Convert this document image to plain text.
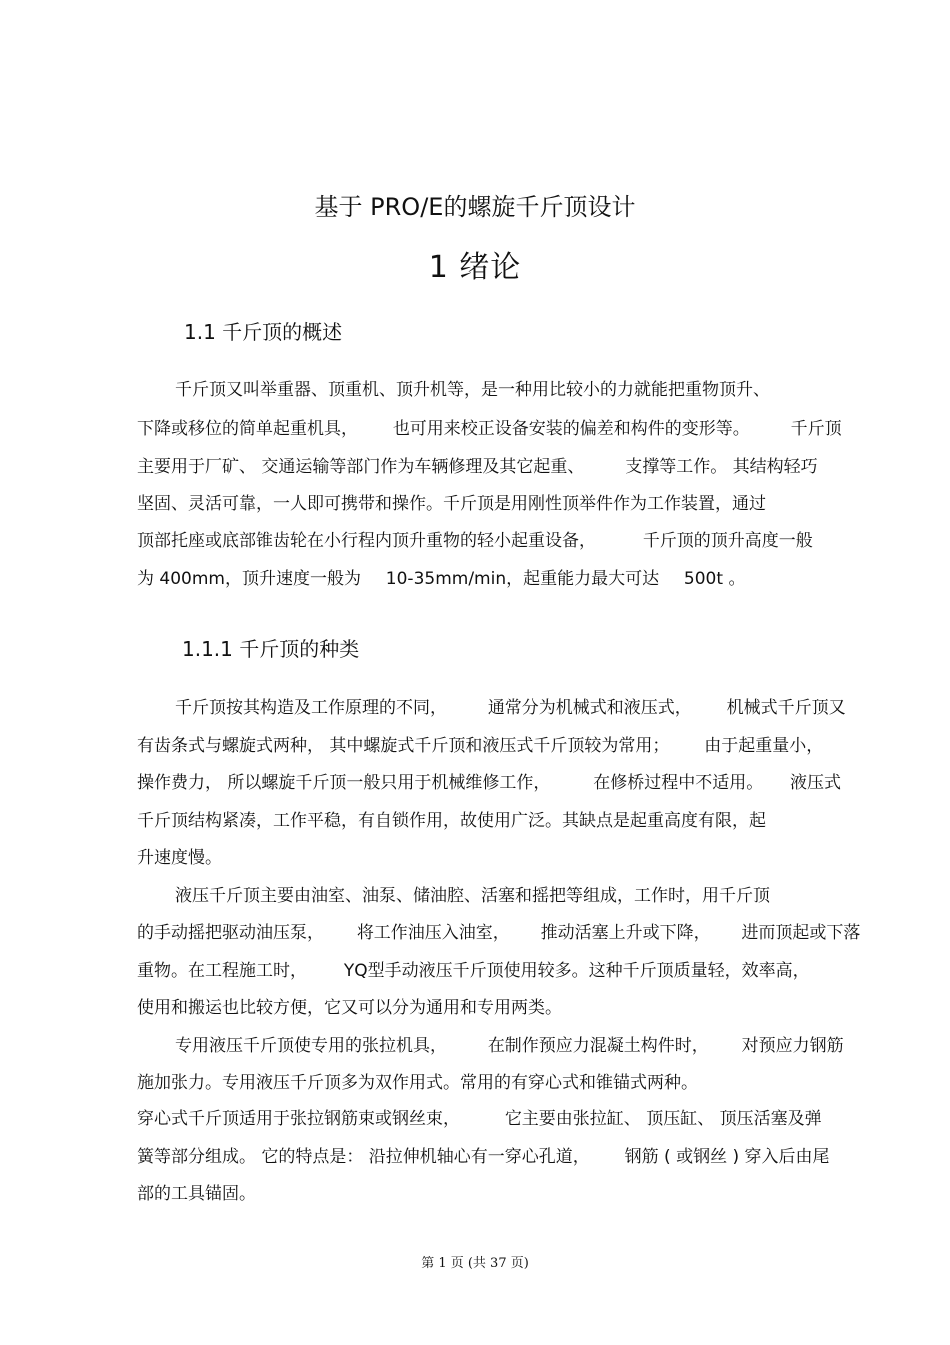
基于 PRO/E的螺旋千斤顶设计
1 绪论
1.1 千斤顶的概述
千斤顶又叫举重器、顶重机、顶升机等，是一种用比较小的力就能把重物顶升、
下降或移位的简单起重机具， 也可用来校正设备安装的偏差和构件的变形等。 千斤顶
主要用于厂矿、 交通运输等部门作为车辆修理及其它起重、 支撑等工作。 其结构轻巧
坚固、灵活可靠，一人即可携带和操作。千斤顶是用刚性顶举件作为工作装置，通过
顶部托座或底部锥齿轮在小行程内顶升重物的轻小起重设备，	千斤顶的顶升高度一般
为 400mm，顶升速度一般为 10-35mm/min，起重能力最大可达 500t 。
1.1.1 千斤顶的种类
千斤顶按其构造及工作原理的不同， 通常分为机械式和液压式， 机械式千斤顶又
有齿条式与螺旋式两种， 其中螺旋式千斤顶和液压式千斤顶较为常用； 由于起重量小，
操作费力， 所以螺旋千斤顶一般只用于机械维修工作，	在修桥过程中不适用。 液压式
千斤顶结构紧凑，工作平稳，有自锁作用，故使用广泛。其缺点是起重高度有限，起
升速度慢。
液压千斤顶主要由油室、油泵、储油腔、活塞和摇把等组成，工作时，用千斤顶
的手动摇把驱动油压泵， 将工作油压入油室， 推动活塞上升或下降， 进而顶起或下落
重物。在工程施工时， YQ型手动液压千斤顶使用较多。这种千斤顶质量轻，效率高，
使用和搬运也比较方便，它又可以分为通用和专用两类。
专用液压千斤顶使专用的张拉机具， 在制作预应力混凝土构件时， 对预应力钢筋
施加张力。专用液压千斤顶多为双作用式。常用的有穿心式和锥锚式两种。
穿心式千斤顶适用于张拉钢筋束或钢丝束，	它主要由张拉缸、 顶压缸、 顶压活塞及弹
簧等部分组成。 它的特点是： 沿拉伸机轴心有一穿心孔道， 钢筋 ( 或钢丝 ) 穿入后由尾
部的工具锚固。
第 1 页 (共 37 页)
